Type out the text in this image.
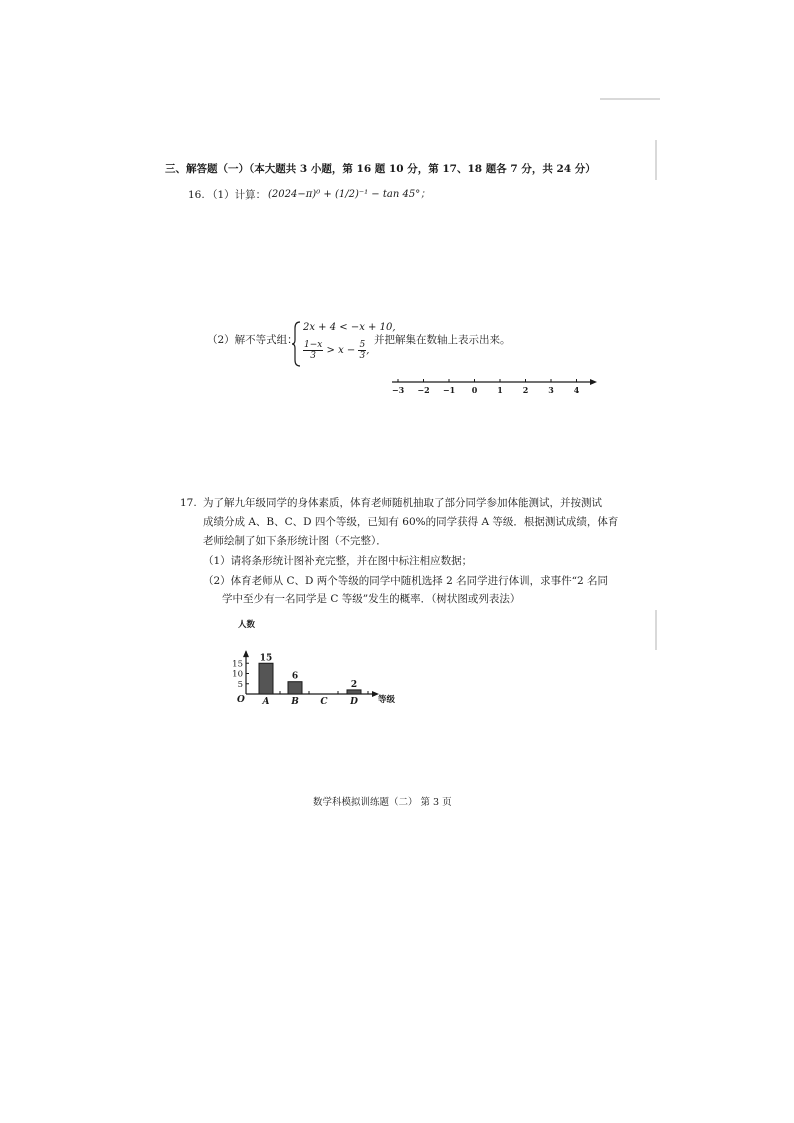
三、解答题（一）（本大题共 3 小题，第 16 题 10 分，第 17、18 题各 7 分，共 24 分）
16. （1）计算： (2024−π)⁰ + (1/2)⁻¹ − tan 45°；
（2）解不等式组：
2x + 4 < −x + 10,
$\frac{1-x}{3} > x - \frac{5}{3}$ ,
并把解集在数轴上表示出来。
−3 −2 −1 0 1 2 3 4
17. 为了解九年级同学的身体素质，体育老师随机抽取了部分同学参加体能测试，并按测试
成绩分成 A、B、C、D 四个等级，已知有 60%的同学获得 A 等级．根据测试成绩，体育
老师绘制了如下条形统计图（不完整）．
（1）请将条形统计图补充完整，并在图中标注相应数据；
（2）体育老师从 C、D 两个等级的同学中随机选择 2 名同学进行体训，求事件“2 名同
学中至少有一名同学是 C 等级”发生的概率．（树状图或列表法）
人数
等级
O
5
10
15
A
15
B
6
C	D
2
数学科模拟训练题（二） 第 3 页
